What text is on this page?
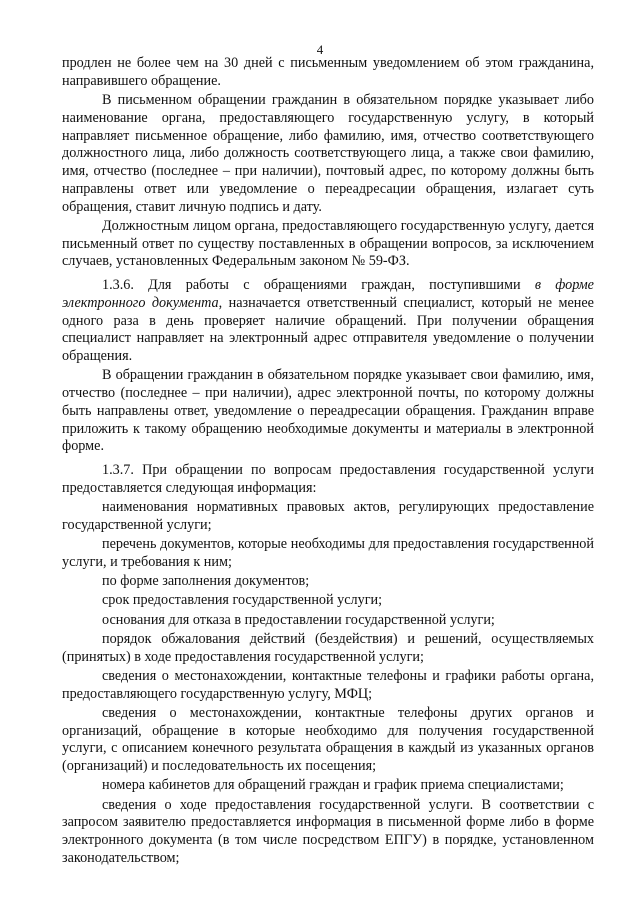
4

продлен не более чем на 30 дней с письменным уведомлением об этом гражданина, направившего обращение.

В письменном обращении гражданин в обязательном порядке указывает либо наименование органа, предоставляющего государственную услугу, в который направляет письменное обращение, либо фамилию, имя, отчество соответствующего должностного лица, либо должность соответствующего лица, а также свои фамилию, имя, отчество (последнее – при наличии), почтовый адрес, по которому должны быть направлены ответ или уведомление о переадресации обращения, излагает суть обращения, ставит личную подпись и дату.

Должностным лицом органа, предоставляющего государственную услугу, дается письменный ответ по существу поставленных в обращении вопросов, за исключением случаев, установленных Федеральным законом № 59-ФЗ.

1.3.6. Для работы с обращениями граждан, поступившими в форме электронного документа, назначается ответственный специалист, который не менее одного раза в день проверяет наличие обращений. При получении обращения специалист направляет на электронный адрес отправителя уведомление о получении обращения.

В обращении гражданин в обязательном порядке указывает свои фамилию, имя, отчество (последнее – при наличии), адрес электронной почты, по которому должны быть направлены ответ, уведомление о переадресации обращения. Гражданин вправе приложить к такому обращению необходимые документы и материалы в электронной форме.

1.3.7. При обращении по вопросам предоставления государственной услуги предоставляется следующая информация:

наименования нормативных правовых актов, регулирующих предоставление государственной услуги;

перечень документов, которые необходимы для предоставления государственной услуги, и требования к ним;

по форме заполнения документов;

срок предоставления государственной услуги;

основания для отказа в предоставлении государственной услуги;

порядок обжалования действий (бездействия) и решений, осуществляемых (принятых) в ходе предоставления государственной услуги;

сведения о местонахождении, контактные телефоны и графики работы органа, предоставляющего государственную услугу, МФЦ;

сведения о местонахождении, контактные телефоны других органов и организаций, обращение в которые необходимо для получения государственной услуги, с описанием конечного результата обращения в каждый из указанных органов (организаций) и последовательность их посещения;

номера кабинетов для обращений граждан и график приема специалистами;

сведения о ходе предоставления государственной услуги. В соответствии с запросом заявителю предоставляется информация в письменной форме либо в форме электронного документа (в том числе посредством ЕПГУ) в порядке, установленном законодательством;
